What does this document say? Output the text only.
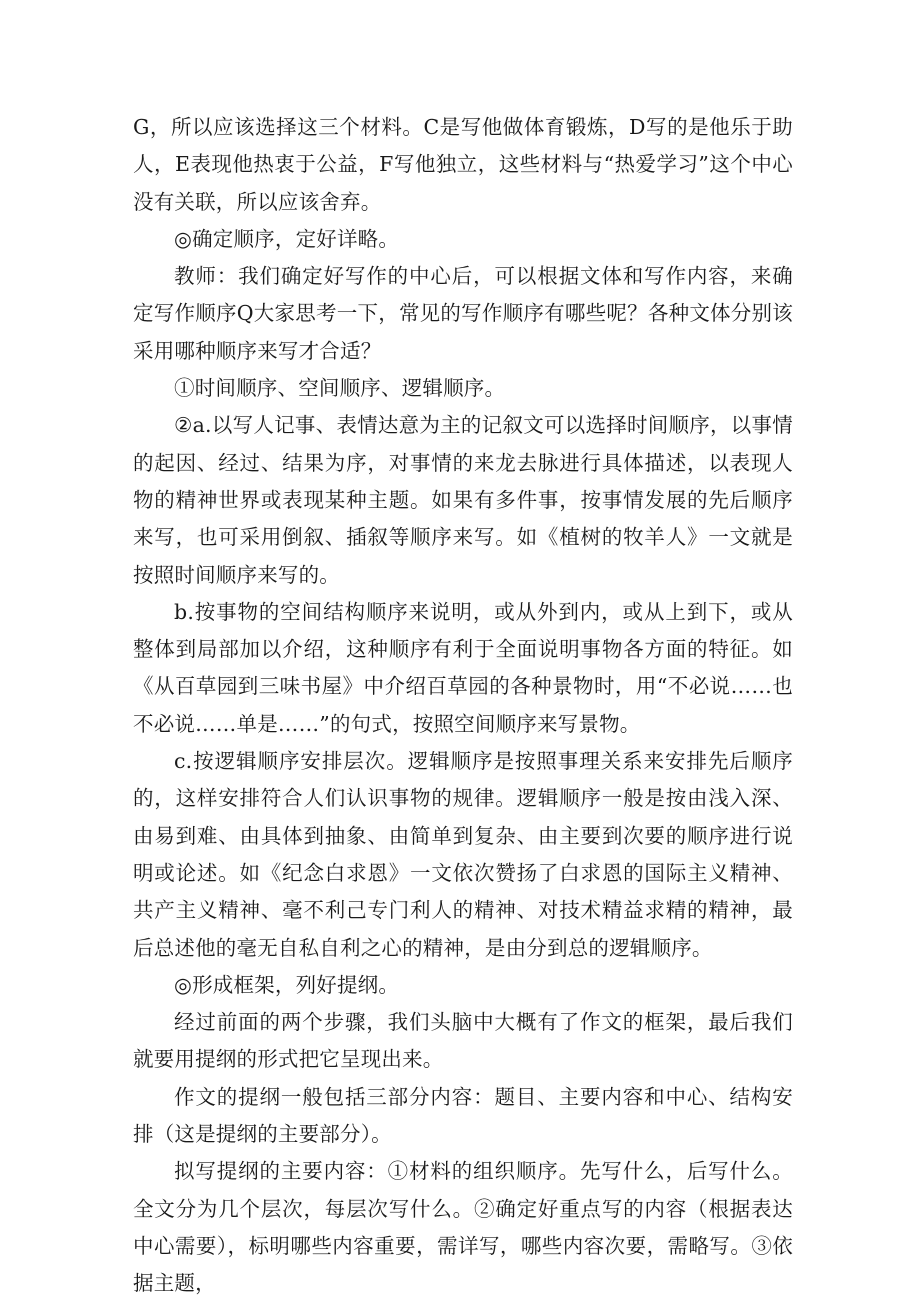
G，所以应该选择这三个材料。C是写他做体育锻炼，D写的是他乐于助人，E表现他热衷于公益，F写他独立，这些材料与“热爱学习”这个中心没有关联，所以应该舍弃。

◎确定顺序，定好详略。

教师：我们确定好写作的中心后，可以根据文体和写作内容，来确定写作顺序Q大家思考一下，常见的写作顺序有哪些呢？各种文体分别该采用哪种顺序来写才合适？

①时间顺序、空间顺序、逻辑顺序。

②a.以写人记事、表情达意为主的记叙文可以选择时间顺序，以事情的起因、经过、结果为序，对事情的来龙去脉进行具体描述，以表现人物的精神世界或表现某种主题。如果有多件事，按事情发展的先后顺序来写，也可采用倒叙、插叙等顺序来写。如《植树的牧羊人》一文就是按照时间顺序来写的。

b.按事物的空间结构顺序来说明，或从外到内，或从上到下，或从整体到局部加以介绍，这种顺序有利于全面说明事物各方面的特征。如《从百草园到三味书屋》中介绍百草园的各种景物时，用“不必说……也不必说……单是……”的句式，按照空间顺序来写景物。

c.按逻辑顺序安排层次。逻辑顺序是按照事理关系来安排先后顺序的，这样安排符合人们认识事物的规律。逻辑顺序一般是按由浅入深、由易到难、由具体到抽象、由简单到复杂、由主要到次要的顺序进行说明或论述。如《纪念白求恩》一文依次赞扬了白求恩的国际主义精神、共产主义精神、毫不利己专门利人的精神、对技术精益求精的精神，最后总述他的毫无自私自利之心的精神，是由分到总的逻辑顺序。

◎形成框架，列好提纲。

经过前面的两个步骤，我们头脑中大概有了作文的框架，最后我们就要用提纲的形式把它呈现出来。

作文的提纲一般包括三部分内容：题目、主要内容和中心、结构安排（这是提纲的主要部分）。

拟写提纲的主要内容：①材料的组织顺序。先写什么，后写什么。全文分为几个层次，每层次写什么。②确定好重点写的内容（根据表达中心需要），标明哪些内容重要，需详写，哪些内容次要，需略写。③依据主题，
